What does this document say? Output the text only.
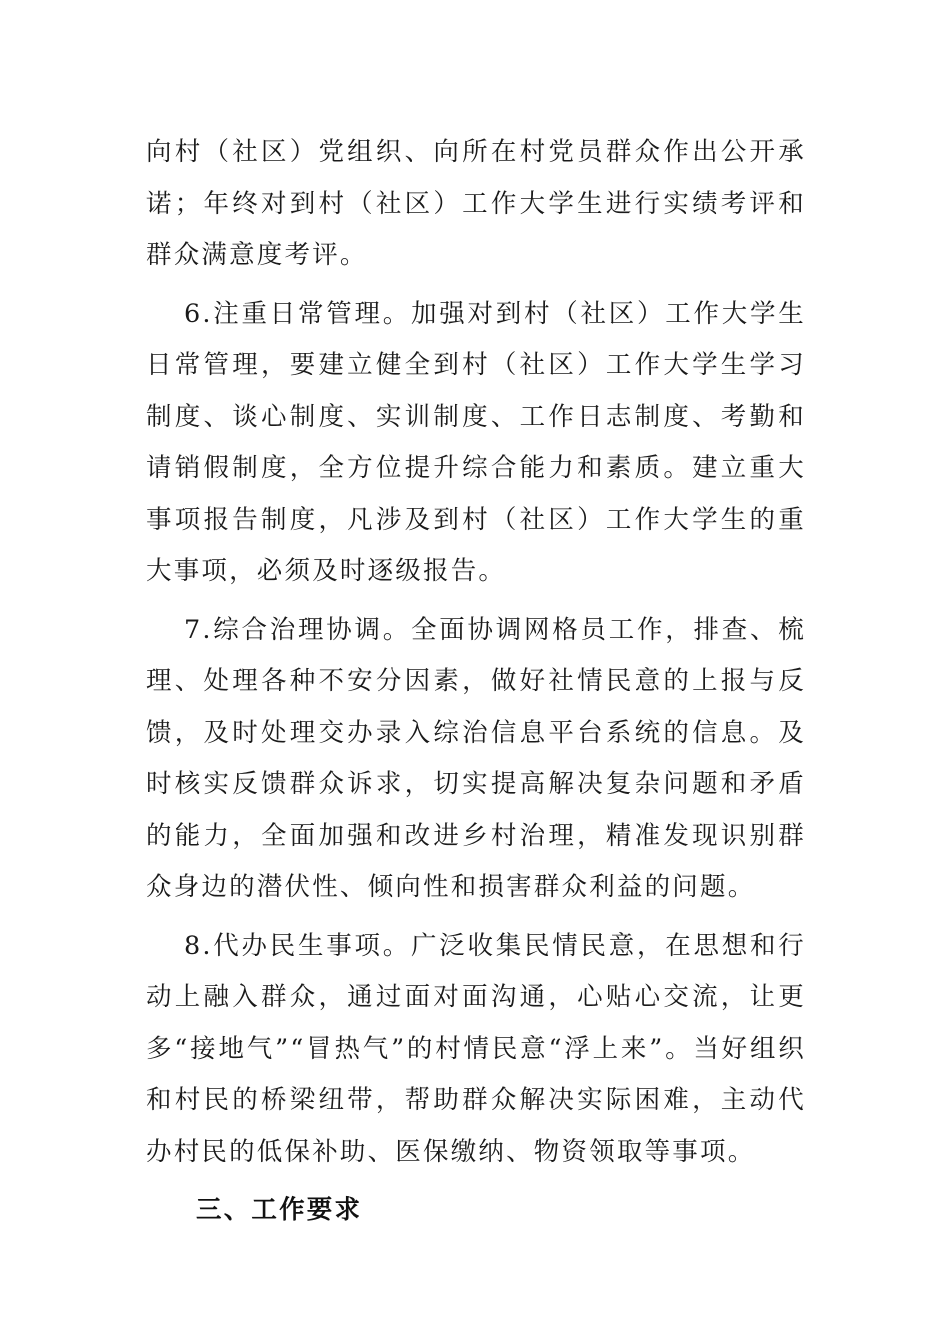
向村（社区）党组织、向所在村党员群众作出公开承诺；年终对到村（社区）工作大学生进行实绩考评和群众满意度考评。

6.注重日常管理。加强对到村（社区）工作大学生日常管理，要建立健全到村（社区）工作大学生学习制度、谈心制度、实训制度、工作日志制度、考勤和请销假制度，全方位提升综合能力和素质。建立重大事项报告制度，凡涉及到村（社区）工作大学生的重大事项，必须及时逐级报告。

7.综合治理协调。全面协调网格员工作，排查、梳理、处理各种不安分因素，做好社情民意的上报与反馈，及时处理交办录入综治信息平台系统的信息。及时核实反馈群众诉求，切实提高解决复杂问题和矛盾的能力，全面加强和改进乡村治理，精准发现识别群众身边的潜伏性、倾向性和损害群众利益的问题。

8.代办民生事项。广泛收集民情民意，在思想和行动上融入群众，通过面对面沟通，心贴心交流，让更多“接地气”“冒热气”的村情民意“浮上来”。当好组织和村民的桥梁纽带，帮助群众解决实际困难，主动代办村民的低保补助、医保缴纳、物资领取等事项。

三、工作要求
